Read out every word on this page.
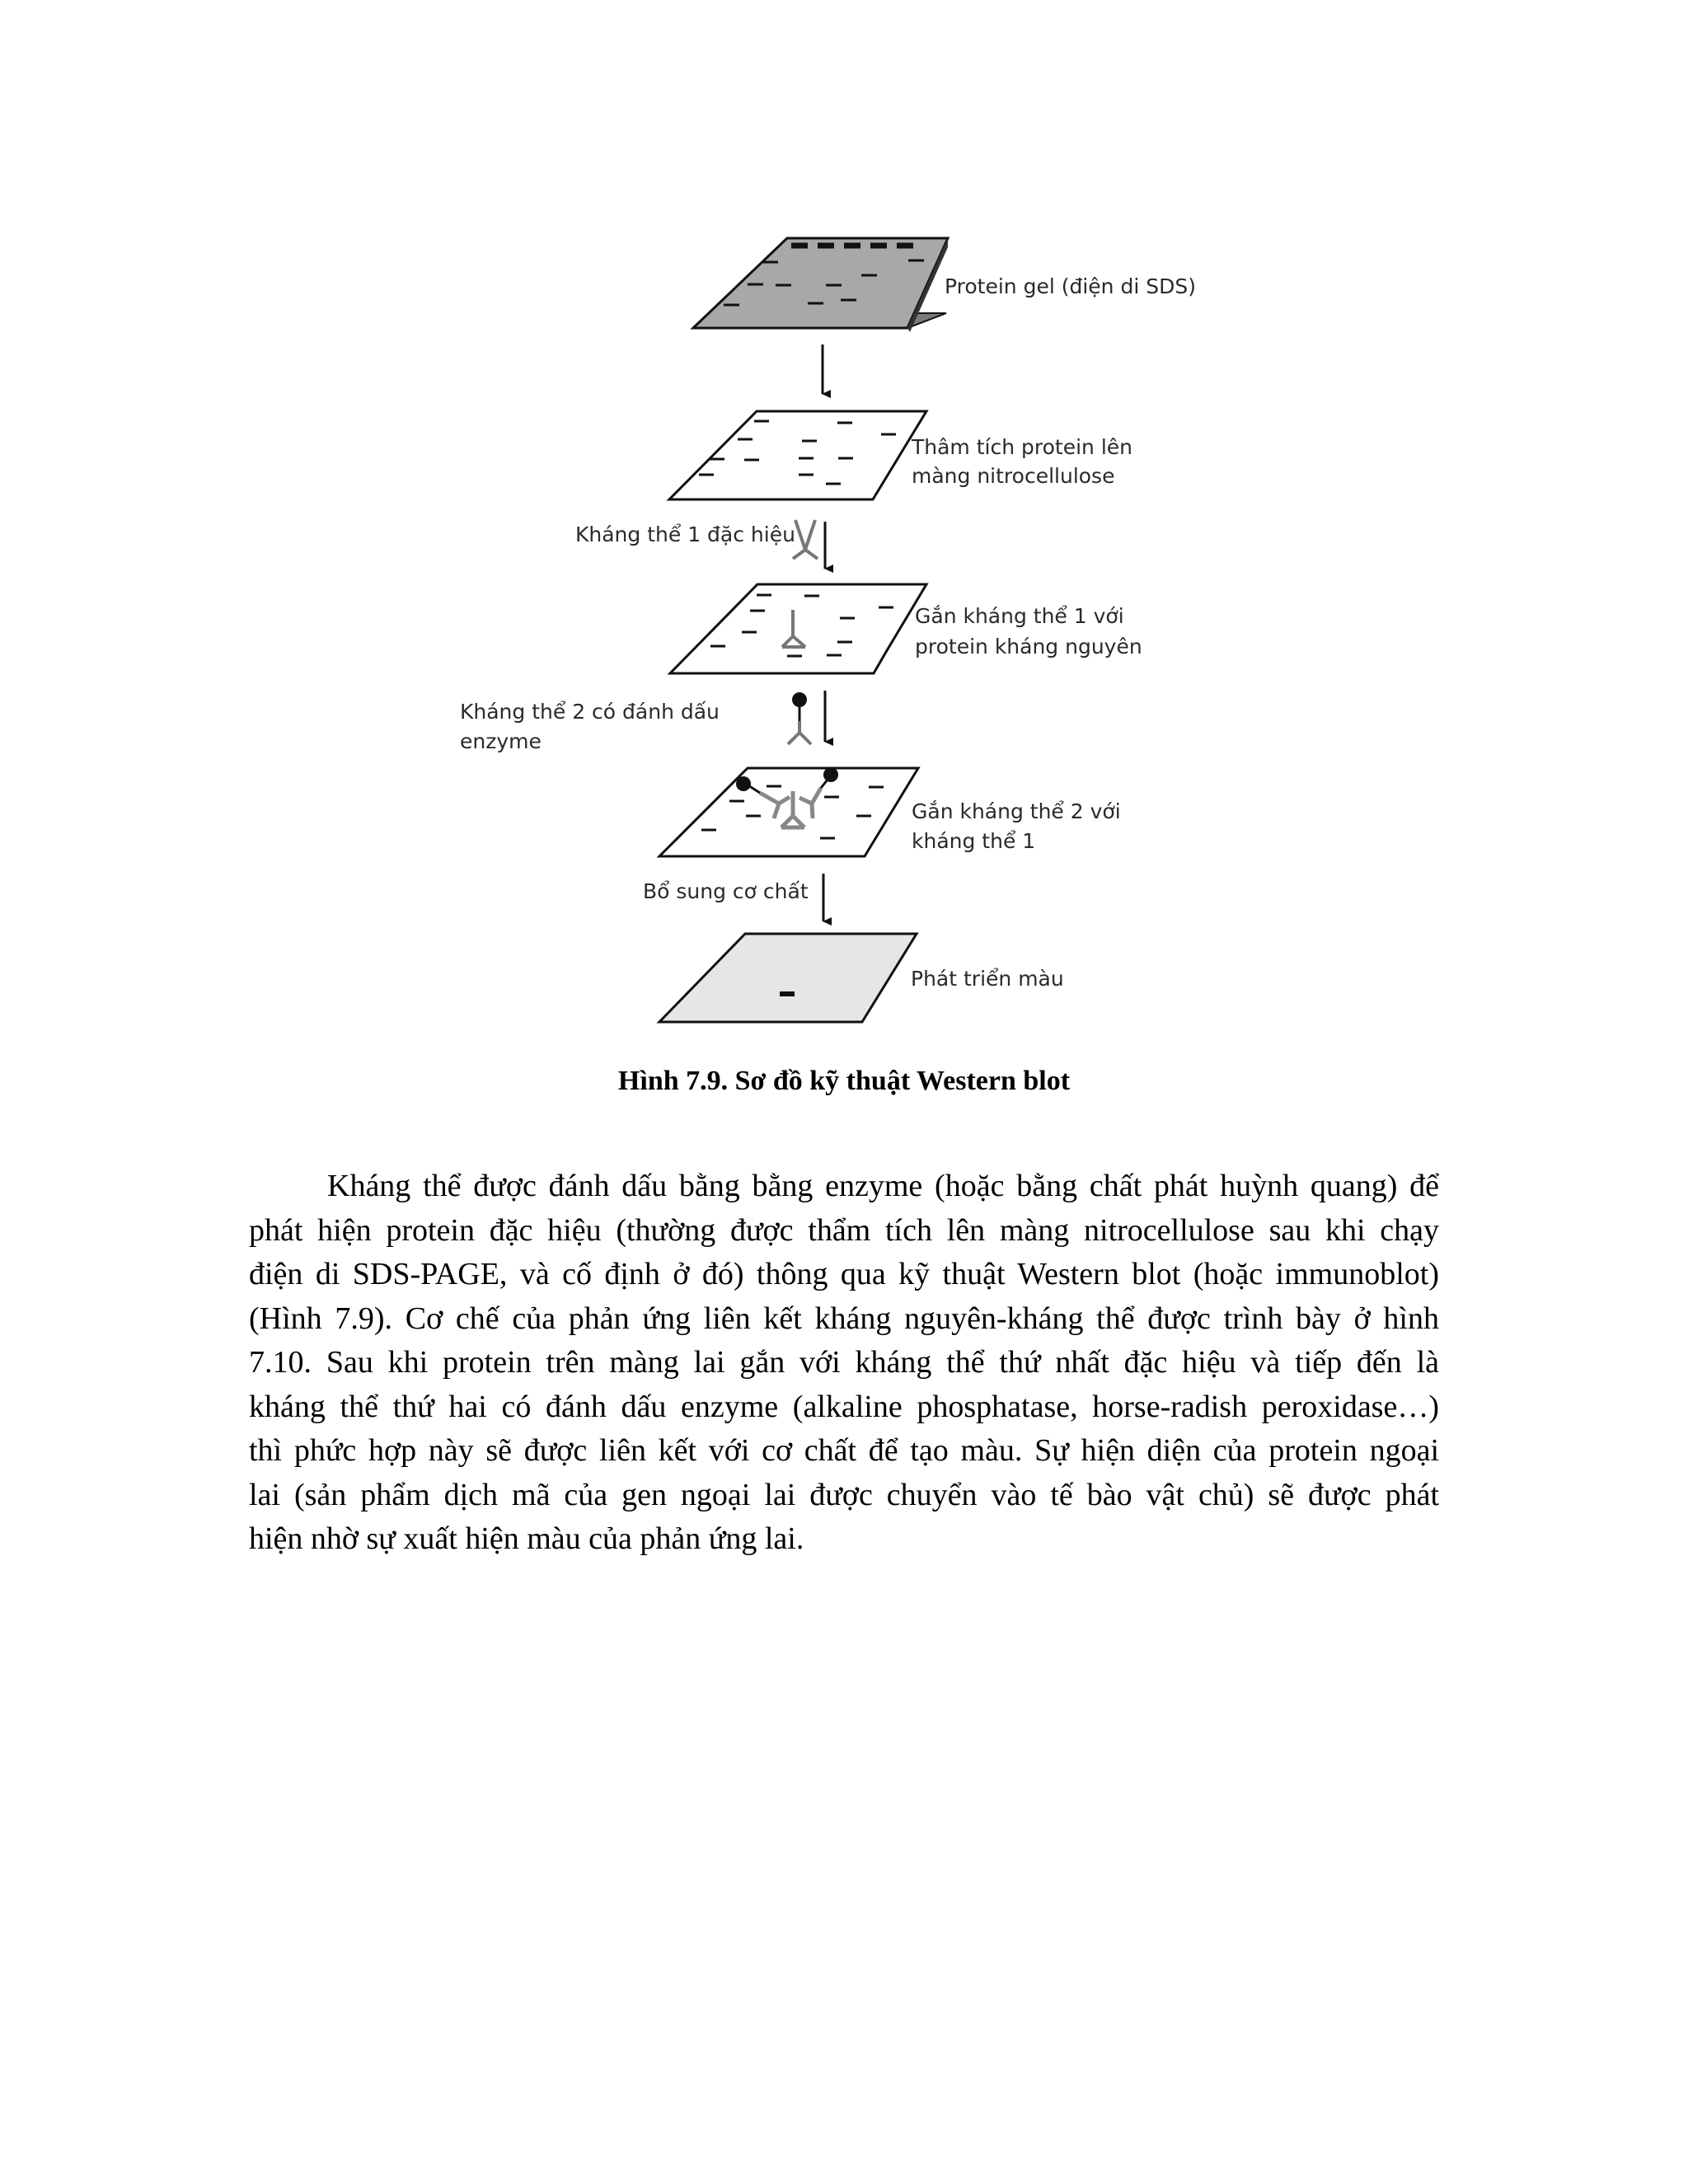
Protein gel (điện di SDS)
Thâm tích protein lên
màng nitrocellulose
Kháng thể 1 đặc hiệu
Gắn kháng thể 1 với
protein kháng nguyên
Kháng thể 2 có đánh dấu
enzyme
Gắn kháng thể 2 với
kháng thể 1
Bổ sung cơ chất
Phát triển màu
Hình 7.9. Sơ đồ kỹ thuật Western blot
Kháng thể được đánh dấu bằng bằng enzyme (hoặc bằng chất phát huỳnh quang) để
phát hiện protein đặc hiệu (thường được thẩm tích lên màng nitrocellulose sau khi chạy
điện di SDS-PAGE, và cố định ở đó) thông qua kỹ thuật Western blot (hoặc immunoblot)
(Hình 7.9). Cơ chế của phản ứng liên kết kháng nguyên-kháng thể được trình bày ở hình
7.10. Sau khi protein trên màng lai gắn với kháng thể thứ nhất đặc hiệu và tiếp đến là
kháng thể thứ hai có đánh dấu enzyme (alkaline phosphatase, horse-radish peroxidase…)
thì phức hợp này sẽ được liên kết với cơ chất để tạo màu. Sự hiện diện của protein ngoại
lai (sản phẩm dịch mã của gen ngoại lai được chuyển vào tế bào vật chủ) sẽ được phát
hiện nhờ sự xuất hiện màu của phản ứng lai.
